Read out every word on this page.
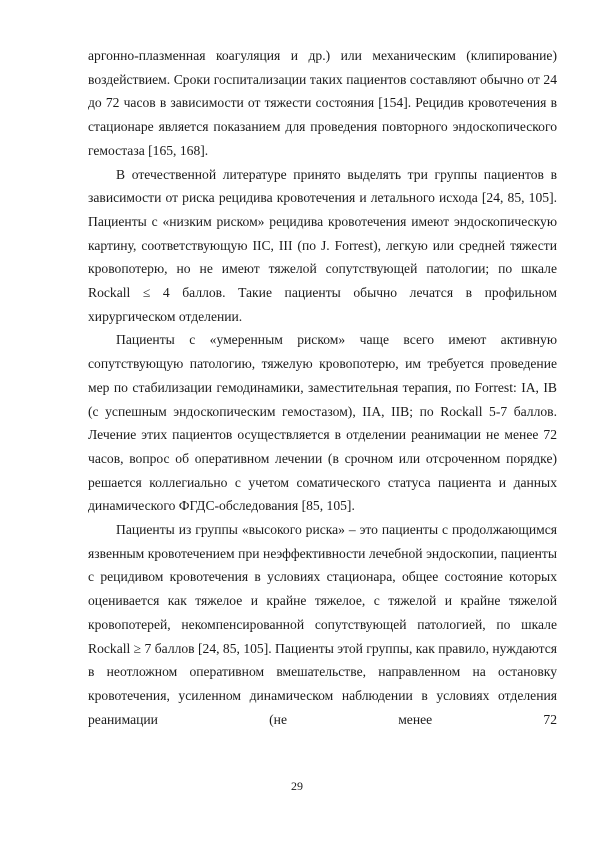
аргонно-плазменная коагуляция и др.) или механическим (клипирование) воздействием. Сроки госпитализации таких пациентов составляют обычно от 24 до 72 часов в зависимости от тяжести состояния [154]. Рецидив кровотечения в стационаре является показанием для проведения повторного эндоскопического гемостаза [165, 168].

В отечественной литературе принято выделять три группы пациентов в зависимости от риска рецидива кровотечения и летального исхода [24, 85, 105]. Пациенты с «низким риском» рецидива кровотечения имеют эндоскопическую картину, соответствующую IIC, III (по J. Forrest), легкую или средней тяжести кровопотерю, но не имеют тяжелой сопутствующей патологии; по шкале Rockall ≤ 4 баллов. Такие пациенты обычно лечатся в профильном хирургическом отделении.

Пациенты с «умеренным риском» чаще всего имеют активную сопутствующую патологию, тяжелую кровопотерю, им требуется проведение мер по стабилизации гемодинамики, заместительная терапия, по Forrest: IA, IB (с успешным эндоскопическим гемостазом), IIA, IIB; по Rockall 5-7 баллов. Лечение этих пациентов осуществляется в отделении реанимации не менее 72 часов, вопрос об оперативном лечении (в срочном или отсроченном порядке) решается коллегиально с учетом соматического статуса пациента и данных динамического ФГДС-обследования [85, 105].

Пациенты из группы «высокого риска» – это пациенты с продолжающимся язвенным кровотечением при неэффективности лечебной эндоскопии, пациенты с рецидивом кровотечения в условиях стационара, общее состояние которых оценивается как тяжелое и крайне тяжелое, с тяжелой и крайне тяжелой кровопотерей, некомпенсированной сопутствующей патологией, по шкале Rockall ≥ 7 баллов [24, 85, 105]. Пациенты этой группы, как правило, нуждаются в неотложном оперативном вмешательстве, направленном на остановку кровотечения, усиленном динамическом наблюдении в условиях отделения реанимации (не менее 72

29
